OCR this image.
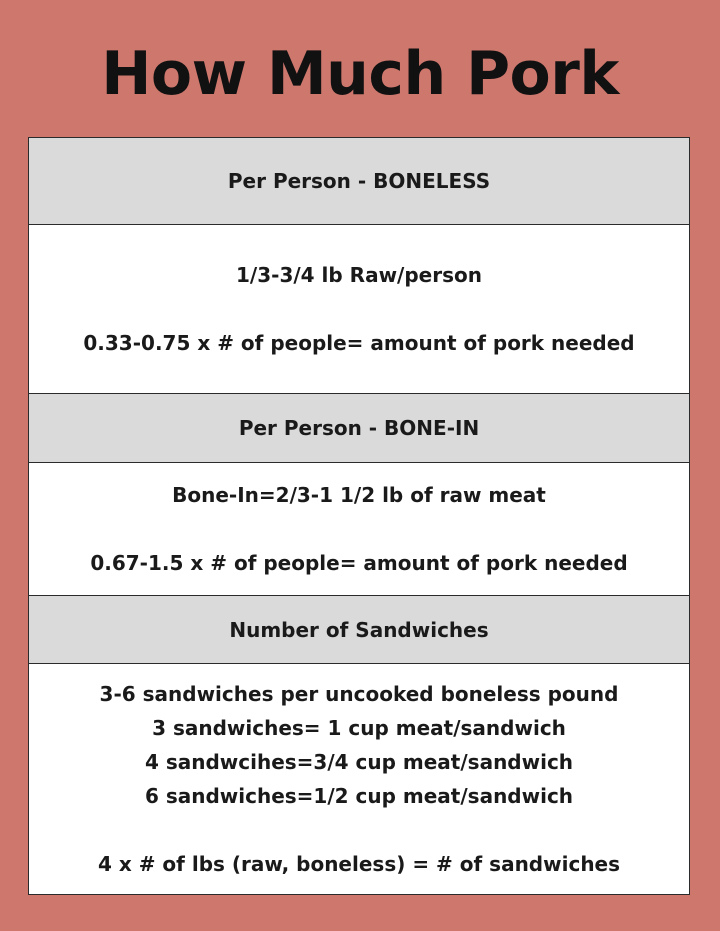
How Much Pork
Per Person - BONELESS
1/3-3/4 lb Raw/person
0.33-0.75 x # of people= amount of pork needed
Per Person - BONE-IN
Bone-In=2/3-1 1/2 lb of raw meat
0.67-1.5 x # of people= amount of pork needed
Number of Sandwiches
3-6 sandwiches per uncooked boneless pound
3 sandwiches= 1 cup meat/sandwich
4 sandwcihes=3/4 cup meat/sandwich
6 sandwiches=1/2 cup meat/sandwich
4 x # of lbs (raw, boneless) = # of sandwiches
